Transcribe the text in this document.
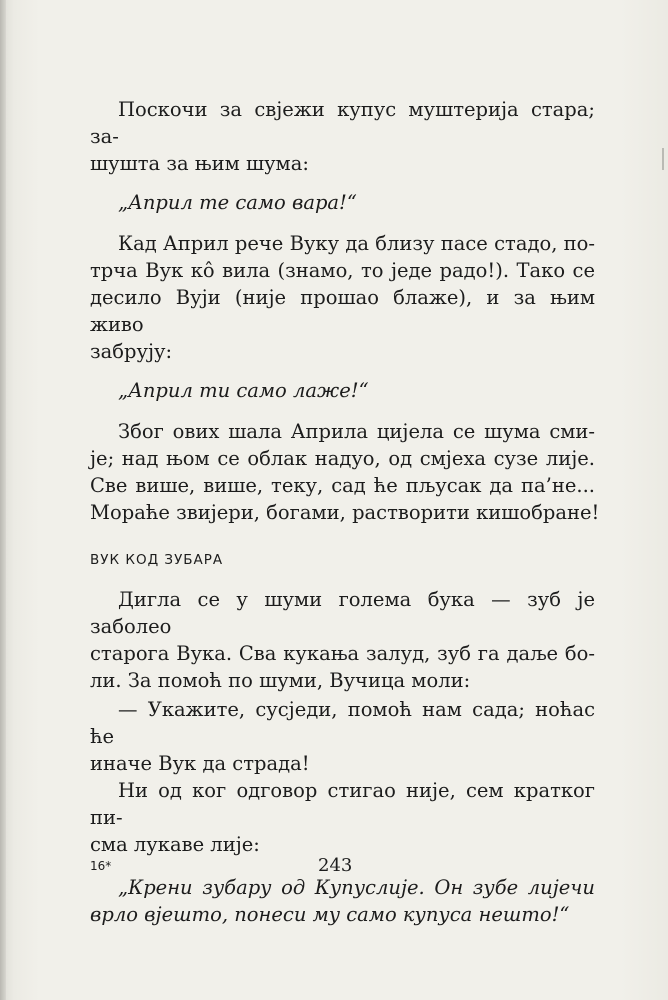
Поскочи за свјежи купус муштерија стара; за-
шушта за њим шума:
„Април те само вара!“
Кад Април рече Вуку да близу пасе стадо, по-
трча Вук кô вила (знамо, то једе радо!). Тако се
десило Вуји (није прошао блаже), и за њим живо
забрују:
„Април ти само лаже!“
Због ових шала Априла цијела се шума сми-
је; над њом се облак надуо, од смјеха сузе лије.
Све више, више, теку, сад ће пљусак да па’не...
Мораће звијери, богами, растворити кишобране!
ВУК КОД ЗУБАРА
Дигла се у шуми голема бука — зуб је заболео
старога Вука. Сва кукања залуд, зуб га даље бо-
ли. За помоћ по шуми, Вучица моли:
— Укажите, сусједи, помоћ нам сада; ноћас ће
иначе Вук да страда!
Ни од ког одговор стигао није, сем кратког пи-
сма лукаве лије:
„Крени зубару од Купуслије. Он зубе лијечи
врло вјешто, понеси му само купуса нешто!“
16*	243
